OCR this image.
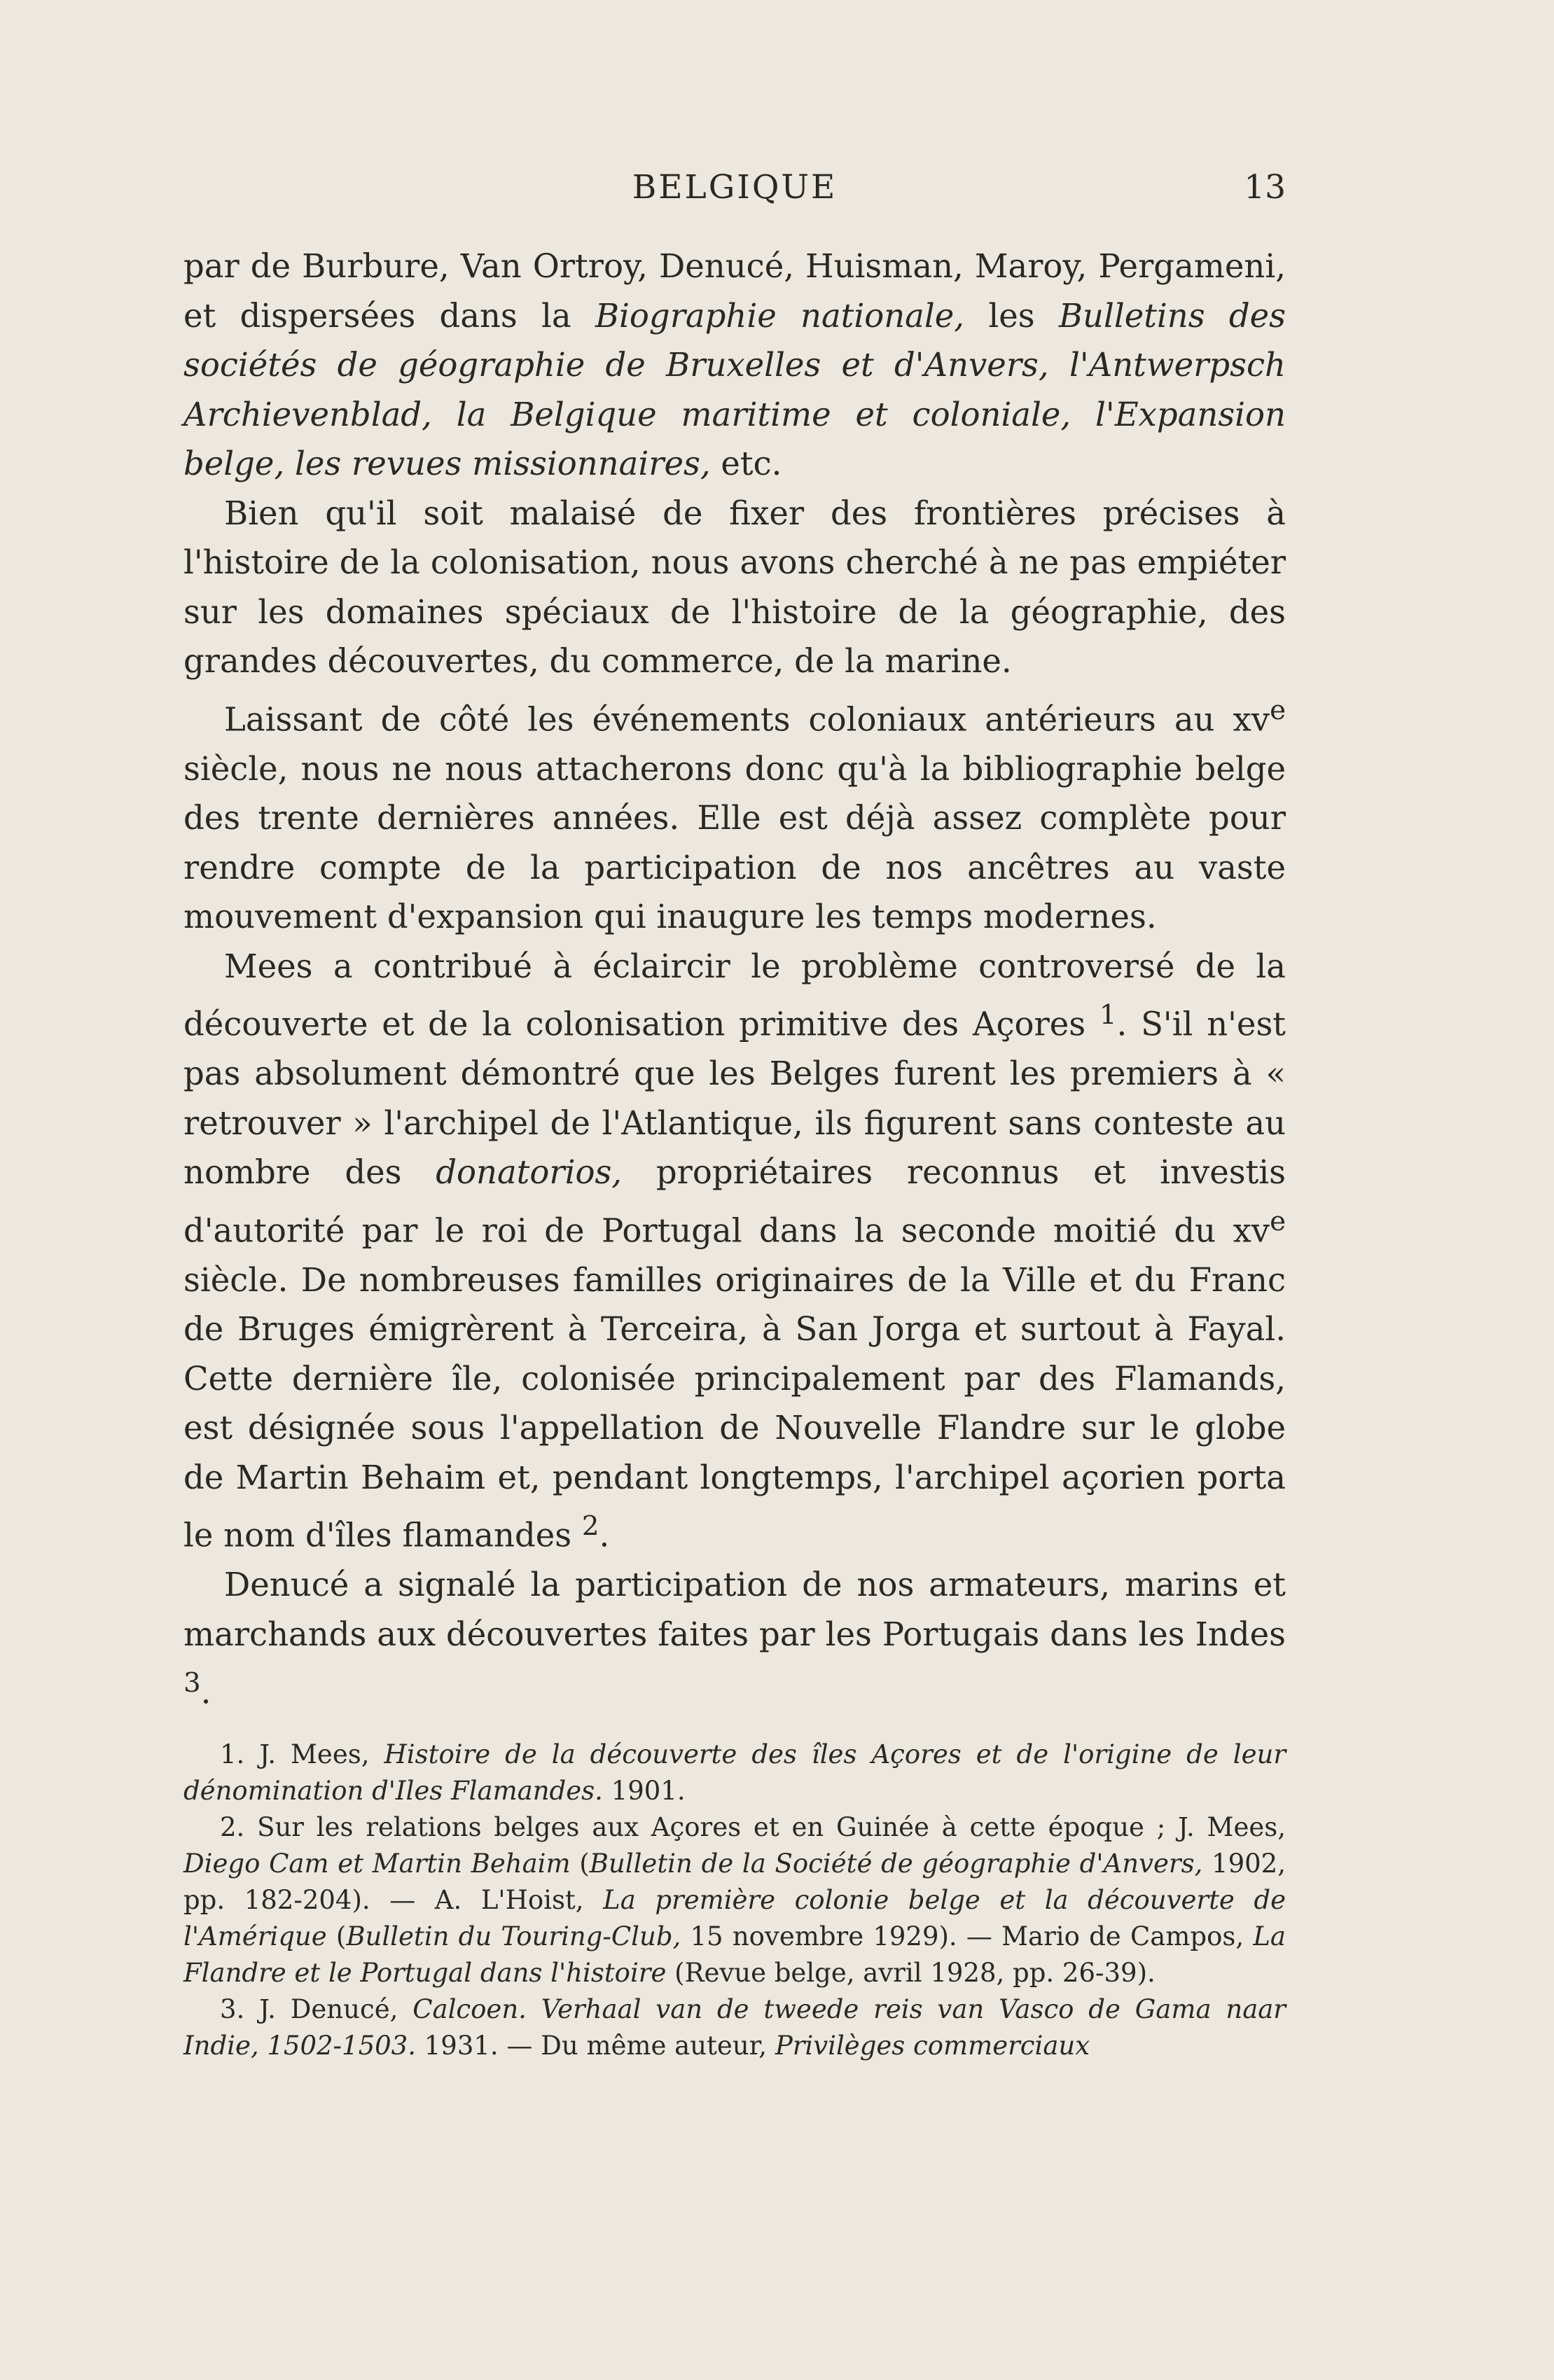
BELGIQUE	13

par de Burbure, Van Ortroy, Denucé, Huisman, Maroy, Pergameni, et dispersées dans la Biographie nationale, les Bulletins des sociétés de géographie de Bruxelles et d'Anvers, l'Antwerpsch Archievenblad, la Belgique maritime et coloniale, l'Expansion belge, les revues missionnaires, etc.

Bien qu'il soit malaisé de fixer des frontières précises à l'histoire de la colonisation, nous avons cherché à ne pas empiéter sur les domaines spéciaux de l'histoire de la géographie, des grandes découvertes, du commerce, de la marine.

Laissant de côté les événements coloniaux antérieurs au $xv^e$ siècle, nous ne nous attacherons donc qu'à la bibliographie belge des trente dernières années. Elle est déjà assez complète pour rendre compte de la participation de nos ancêtres au vaste mouvement d'expansion qui inaugure les temps modernes.

Mees a contribué à éclaircir le problème controversé de la découverte et de la colonisation primitive des Açores $^1$. S'il n'est pas absolument démontré que les Belges furent les premiers à « retrouver » l'archipel de l'Atlantique, ils figurent sans conteste au nombre des donatorios, propriétaires reconnus et investis d'autorité par le roi de Portugal dans la seconde moitié du $xv^e$ siècle. De nombreuses familles originaires de la Ville et du Franc de Bruges émigrèrent à Terceira, à San Jorga et surtout à Fayal. Cette dernière île, colonisée principalement par des Flamands, est désignée sous l'appellation de Nouvelle Flandre sur le globe de Martin Behaim et, pendant longtemps, l'archipel açorien porta le nom d'îles flamandes $^2$.

Denucé a signalé la participation de nos armateurs, marins et marchands aux découvertes faites par les Portugais dans les Indes $^3$.

1. J. Mees, Histoire de la découverte des îles Açores et de l'origine de leur dénomination d'Iles Flamandes. 1901.

2. Sur les relations belges aux Açores et en Guinée à cette époque ; J. Mees, Diego Cam et Martin Behaim (Bulletin de la Société de géographie d'Anvers, 1902, pp. 182-204). — A. L'Hoist, La première colonie belge et la découverte de l'Amérique (Bulletin du Touring-Club, 15 novembre 1929). — Mario de Campos, La Flandre et le Portugal dans l'histoire (Revue belge, avril 1928, pp. 26-39).

3. J. Denucé, Calcoen. Verhaal van de tweede reis van Vasco de Gama naar Indie, 1502-1503. 1931. — Du même auteur, Privilèges commerciaux
